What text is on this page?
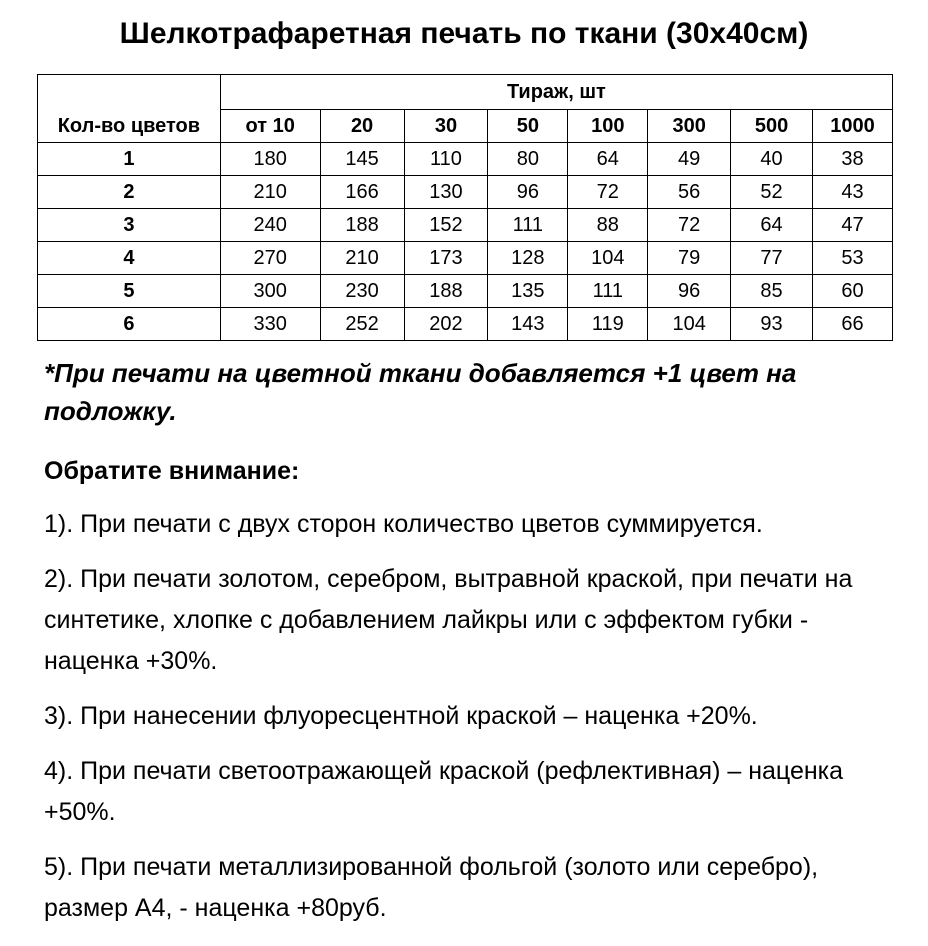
Шелкотрафаретная печать по ткани (30х40см)
Кол-во цветов	Тираж, шт							
	от 10	20	30	50	100	300	500	1000
1	180	145	110	80	64	49	40	38
2	210	166	130	96	72	56	52	43
3	240	188	152	111	88	72	64	47
4	270	210	173	128	104	79	77	53
5	300	230	188	135	111	96	85	60
6	330	252	202	143	119	104	93	66
*При печати на цветной ткани добавляется +1 цвет на подложку.
Обратите внимание:
1). При печати с двух сторон количество цветов суммируется.
2). При печати золотом, серебром, вытравной краской, при печати на синтетике, хлопке с добавлением лайкры или с эффектом губки - наценка +30%.
3). При нанесении флуоресцентной краской – наценка +20%.
4). При печати светоотражающей краской (рефлективная) – наценка +50%.
5). При печати металлизированной фольгой (золото или серебро), размер А4, - наценка +80руб.
